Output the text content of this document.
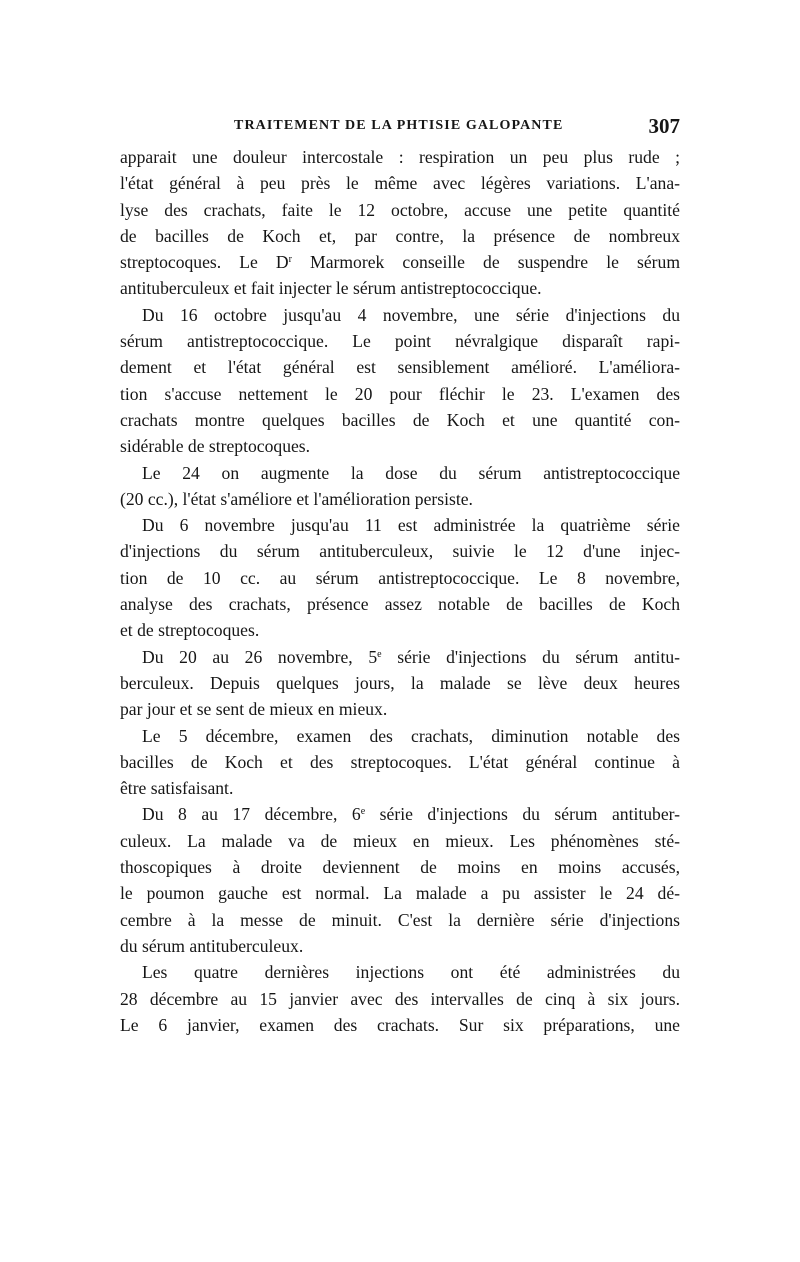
TRAITEMENT DE LA PHTISIE GALOPANTE	307
apparait une douleur intercostale : respiration un peu plus rude ;
l'état général à peu près le même avec légères variations. L'ana-
lyse des crachats, faite le 12 octobre, accuse une petite quantité
de bacilles de Koch et, par contre, la présence de nombreux
streptocoques. Le $D^r$ Marmorek conseille de suspendre le sérum
antituberculeux et fait injecter le sérum antistreptococcique.
Du 16 octobre jusqu'au 4 novembre, une série d'injections du
sérum antistreptococcique. Le point névralgique disparaît rapi-
dement et l'état général est sensiblement amélioré. L'améliora-
tion s'accuse nettement le 20 pour fléchir le 23. L'examen des
crachats montre quelques bacilles de Koch et une quantité con-
sidérable de streptocoques.
Le 24 on augmente la dose du sérum antistreptococcique
(20 cc.), l'état s'améliore et l'amélioration persiste.
Du 6 novembre jusqu'au 11 est administrée la quatrième série
d'injections du sérum antituberculeux, suivie le 12 d'une injec-
tion de 10 cc. au sérum antistreptococcique. Le 8 novembre,
analyse des crachats, présence assez notable de bacilles de Koch
et de streptocoques.
Du 20 au 26 novembre, 5e série d'injections du sérum antitu-
berculeux. Depuis quelques jours, la malade se lève deux heures
par jour et se sent de mieux en mieux.
Le 5 décembre, examen des crachats, diminution notable des
bacilles de Koch et des streptocoques. L'état général continue à
être satisfaisant.
Du 8 au 17 décembre, 6e série d'injections du sérum antituber-
culeux. La malade va de mieux en mieux. Les phénomènes sté-
thoscopiques à droite deviennent de moins en moins accusés,
le poumon gauche est normal. La malade a pu assister le 24 dé-
cembre à la messe de minuit. C'est la dernière série d'injections
du sérum antituberculeux.
Les quatre dernières injections ont été administrées du
28 décembre au 15 janvier avec des intervalles de cinq à six jours.
Le 6 janvier, examen des crachats. Sur six préparations, une
